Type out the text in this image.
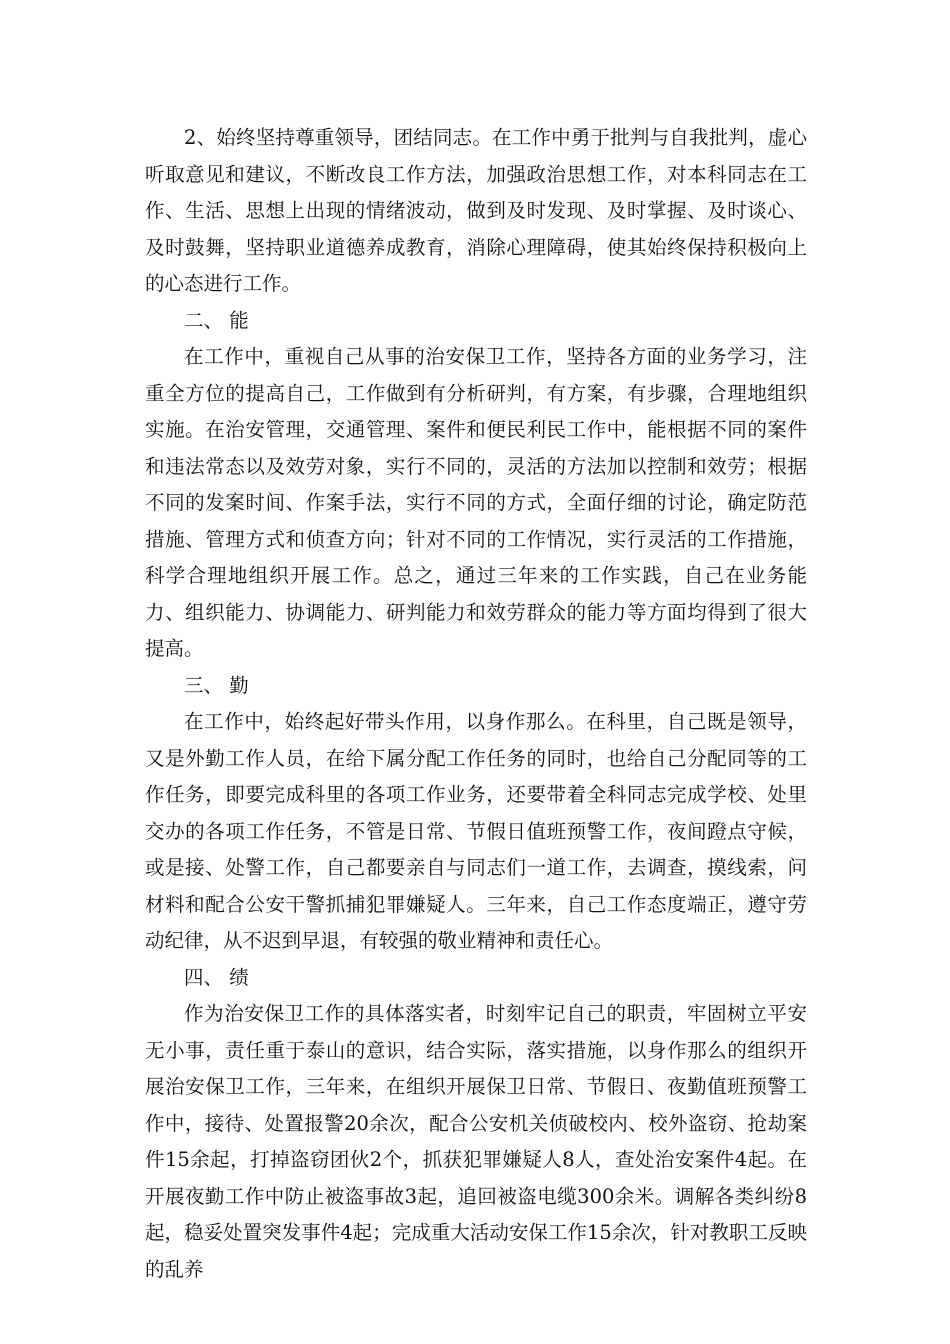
2、始终坚持尊重领导，团结同志。在工作中勇于批判与自我批判，虚心听取意见和建议，不断改良工作方法，加强政治思想工作，对本科同志在工作、生活、思想上出现的情绪波动，做到及时发现、及时掌握、及时谈心、及时鼓舞，坚持职业道德养成教育，消除心理障碍，使其始终保持积极向上的心态进行工作。

二、 能

在工作中，重视自己从事的治安保卫工作，坚持各方面的业务学习，注重全方位的提高自己，工作做到有分析研判，有方案，有步骤，合理地组织实施。在治安管理，交通管理、案件和便民利民工作中，能根据不同的案件和违法常态以及效劳对象，实行不同的，灵活的方法加以控制和效劳；根据不同的发案时间、作案手法，实行不同的方式，全面仔细的讨论，确定防范措施、管理方式和侦查方向；针对不同的工作情况，实行灵活的工作措施，科学合理地组织开展工作。总之，通过三年来的工作实践，自己在业务能力、组织能力、协调能力、研判能力和效劳群众的能力等方面均得到了很大提高。

三、 勤

在工作中，始终起好带头作用，以身作那么。在科里，自己既是领导，又是外勤工作人员，在给下属分配工作任务的同时，也给自己分配同等的工作任务，即要完成科里的各项工作业务，还要带着全科同志完成学校、处里交办的各项工作任务，不管是日常、节假日值班预警工作，夜间蹬点守候，或是接、处警工作，自己都要亲自与同志们一道工作，去调查，摸线索，问材料和配合公安干警抓捕犯罪嫌疑人。三年来，自己工作态度端正，遵守劳动纪律，从不迟到早退，有较强的敬业精神和责任心。

四、 绩

作为治安保卫工作的具体落实者，时刻牢记自己的职责，牢固树立平安无小事，责任重于泰山的意识，结合实际，落实措施，以身作那么的组织开展治安保卫工作，三年来，在组织开展保卫日常、节假日、夜勤值班预警工作中，接待、处置报警20余次，配合公安机关侦破校内、校外盗窃、抢劫案件15余起，打掉盗窃团伙2个，抓获犯罪嫌疑人8人，查处治安案件4起。在开展夜勤工作中防止被盗事故3起，追回被盗电缆300余米。调解各类纠纷8起，稳妥处置突发事件4起；完成重大活动安保工作15余次，针对教职工反映的乱养
